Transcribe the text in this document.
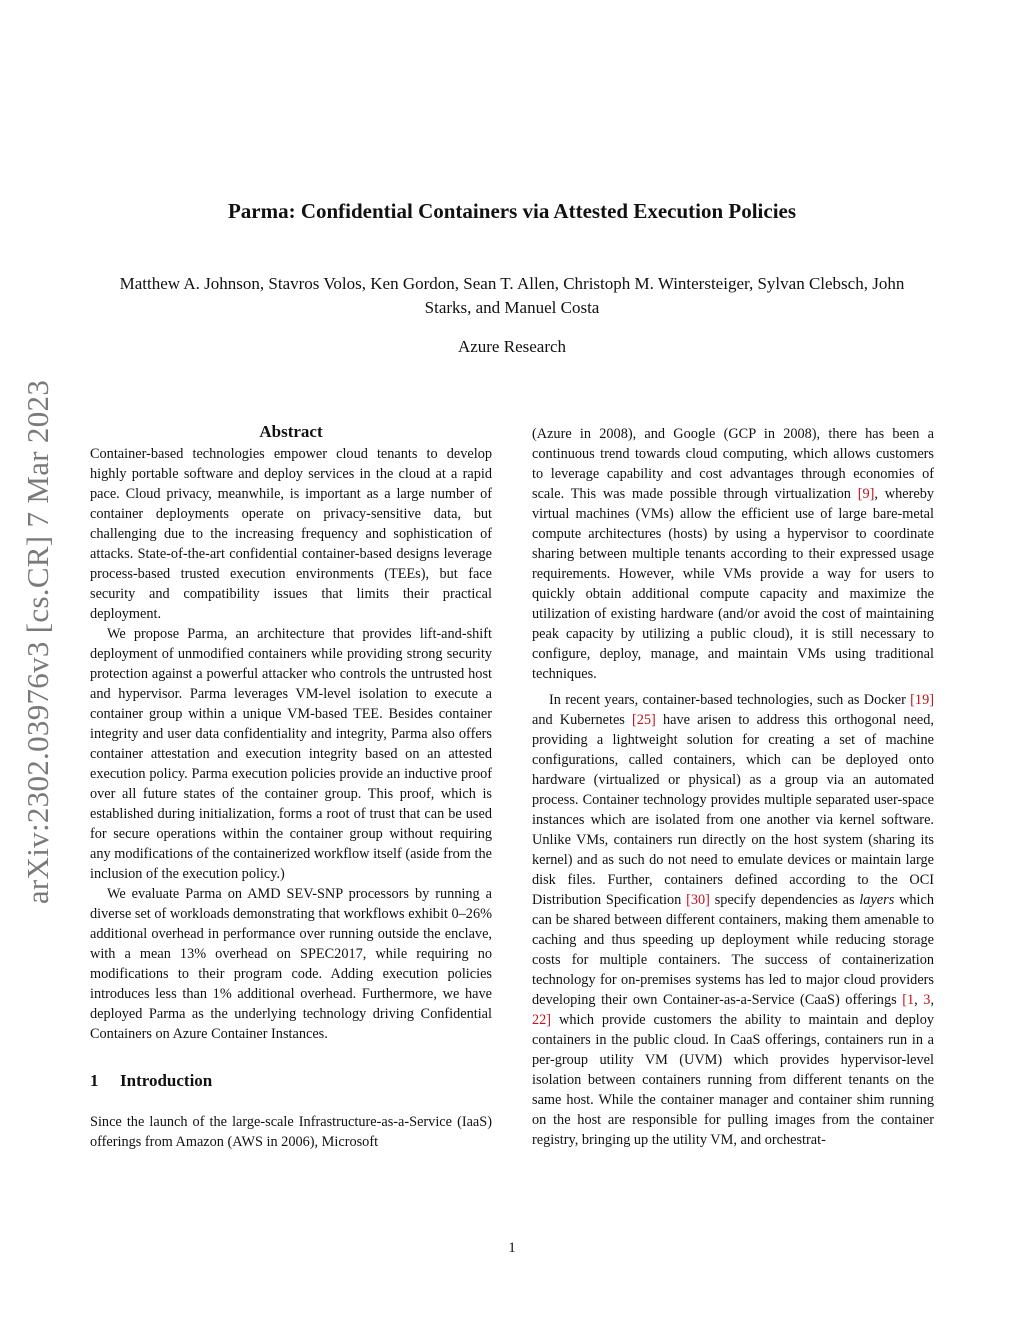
arXiv:2302.03976v3 [cs.CR] 7 Mar 2023
Parma: Confidential Containers via Attested Execution Policies
Matthew A. Johnson, Stavros Volos, Ken Gordon, Sean T. Allen, Christoph M. Wintersteiger, Sylvan Clebsch, John Starks, and Manuel Costa
Azure Research
Abstract

Container-based technologies empower cloud tenants to develop highly portable software and deploy services in the cloud at a rapid pace. Cloud privacy, meanwhile, is important as a large number of container deployments operate on privacy-sensitive data, but challenging due to the increasing frequency and sophistication of attacks. State-of-the-art confidential container-based designs leverage process-based trusted execution environments (TEEs), but face security and compatibility issues that limits their practical deployment.

We propose Parma, an architecture that provides lift-and-shift deployment of unmodified containers while providing strong security protection against a powerful attacker who controls the untrusted host and hypervisor. Parma leverages VM-level isolation to execute a container group within a unique VM-based TEE. Besides container integrity and user data confidentiality and integrity, Parma also offers container attestation and execution integrity based on an attested execution policy. Parma execution policies provide an inductive proof over all future states of the container group. This proof, which is established during initialization, forms a root of trust that can be used for secure operations within the container group without requiring any modifications of the containerized workflow itself (aside from the inclusion of the execution policy.)

We evaluate Parma on AMD SEV-SNP processors by running a diverse set of workloads demonstrating that workflows exhibit 0–26% additional overhead in performance over running outside the enclave, with a mean 13% overhead on SPEC2017, while requiring no modifications to their program code. Adding execution policies introduces less than 1% additional overhead. Furthermore, we have deployed Parma as the underlying technology driving Confidential Containers on Azure Container Instances.

1 Introduction

Since the launch of the large-scale Infrastructure-as-a-Service (IaaS) offerings from Amazon (AWS in 2006), Microsoft

(Azure in 2008), and Google (GCP in 2008), there has been a continuous trend towards cloud computing, which allows customers to leverage capability and cost advantages through economies of scale. This was made possible through virtualization [9], whereby virtual machines (VMs) allow the efficient use of large bare-metal compute architectures (hosts) by using a hypervisor to coordinate sharing between multiple tenants according to their expressed usage requirements. However, while VMs provide a way for users to quickly obtain additional compute capacity and maximize the utilization of existing hardware (and/or avoid the cost of maintaining peak capacity by utilizing a public cloud), it is still necessary to configure, deploy, manage, and maintain VMs using traditional techniques.

In recent years, container-based technologies, such as Docker [19] and Kubernetes [25] have arisen to address this orthogonal need, providing a lightweight solution for creating a set of machine configurations, called containers, which can be deployed onto hardware (virtualized or physical) as a group via an automated process. Container technology provides multiple separated user-space instances which are isolated from one another via kernel software. Unlike VMs, containers run directly on the host system (sharing its kernel) and as such do not need to emulate devices or maintain large disk files. Further, containers defined according to the OCI Distribution Specification [30] specify dependencies as layers which can be shared between different containers, making them amenable to caching and thus speeding up deployment while reducing storage costs for multiple containers. The success of containerization technology for on-premises systems has led to major cloud providers developing their own Container-as-a-Service (CaaS) offerings [1, 3, 22] which provide customers the ability to maintain and deploy containers in the public cloud. In CaaS offerings, containers run in a per-group utility VM (UVM) which provides hypervisor-level isolation between containers running from different tenants on the same host. While the container manager and container shim running on the host are responsible for pulling images from the container registry, bringing up the utility VM, and orchestrat-

1
